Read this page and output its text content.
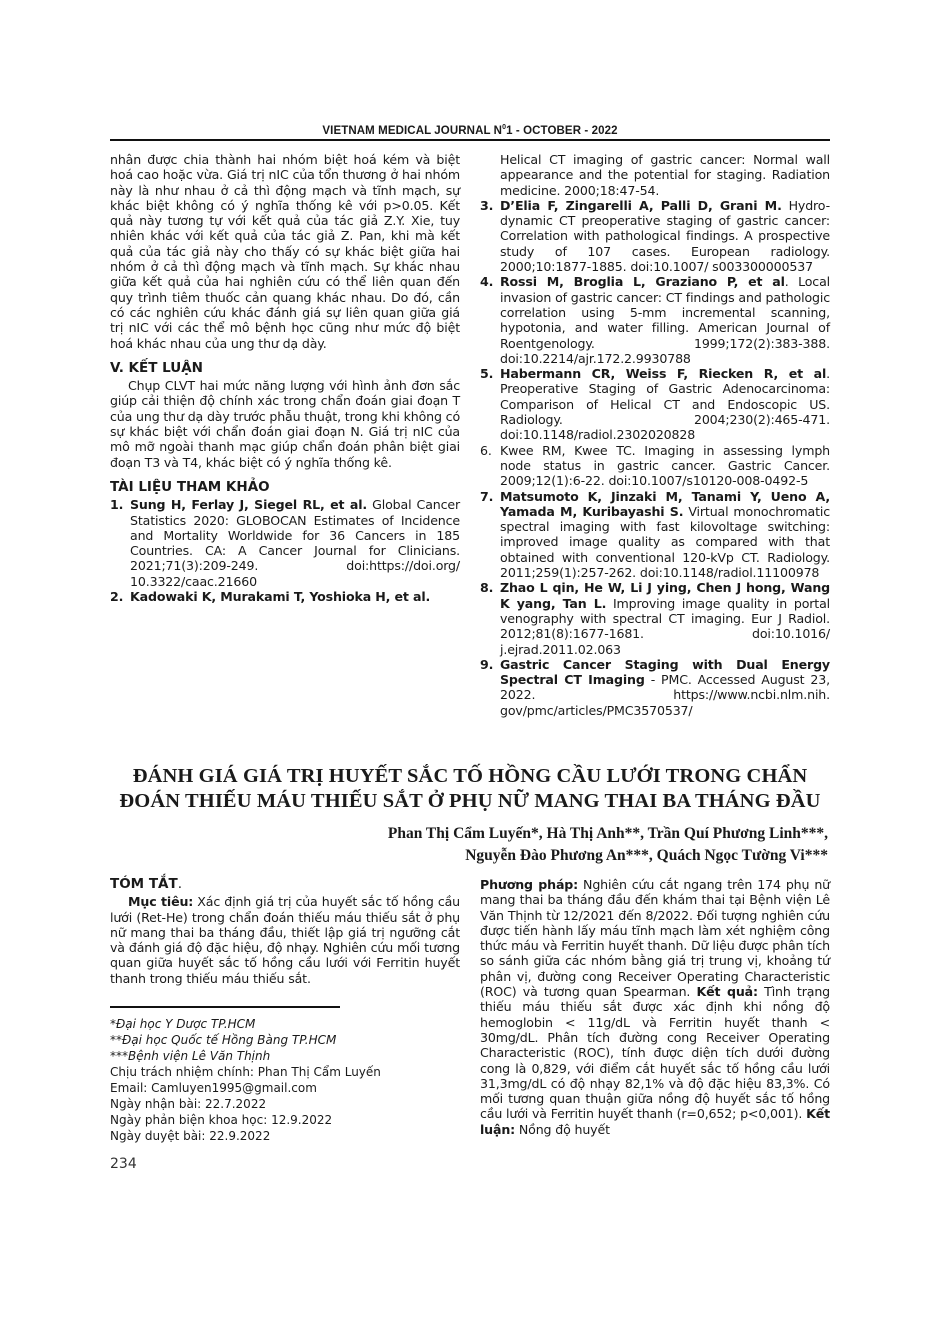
VIETNAM MEDICAL JOURNAL $N^01$ - OCTOBER - 2022

nhân được chia thành hai nhóm biệt hoá kém và biệt hoá cao hoặc vừa. Giá trị nIC của tổn thương ở hai nhóm này là như nhau ở cả thì động mạch và tĩnh mạch, sự khác biệt không có ý nghĩa thống kê với p>0.05. Kết quả này tương tự với kết quả của tác giả Z.Y. Xie, tuy nhiên khác với kết quả của tác giả Z. Pan, khi mà kết quả của tác giả này cho thấy có sự khác biệt giữa hai nhóm ở cả thì động mạch và tĩnh mạch. Sự khác nhau giữa kết quả của hai nghiên cứu có thể liên quan đến quy trình tiêm thuốc cản quang khác nhau. Do đó, cần có các nghiên cứu khác đánh giá sự liên quan giữa giá trị nIC với các thể mô bệnh học cũng như mức độ biệt hoá khác nhau của ung thư dạ dày.

V. KẾT LUẬN

Chụp CLVT hai mức năng lượng với hình ảnh đơn sắc giúp cải thiện độ chính xác trong chẩn đoán giai đoạn T của ung thư dạ dày trước phẫu thuật, trong khi không có sự khác biệt với chẩn đoán giai đoạn N. Giá trị nIC của mô mỡ ngoài thanh mạc giúp chẩn đoán phân biệt giai đoạn T3 và T4, khác biệt có ý nghĩa thống kê.

TÀI LIỆU THAM KHẢO
1. Sung H, Ferlay J, Siegel RL, et al. Global Cancer Statistics 2020: GLOBOCAN Estimates of Incidence and Mortality Worldwide for 36 Cancers in 185 Countries. CA: A Cancer Journal for Clinicians. 2021;71(3):209-249. doi:https://doi.org/ 10.3322/caac.21660
2. Kadowaki K, Murakami T, Yoshioka H, et al.
Helical CT imaging of gastric cancer: Normal wall appearance and the potential for staging. Radiation medicine. 2000;18:47-54.
3. D’Elia F, Zingarelli A, Palli D, Grani M. Hydro-dynamic CT preoperative staging of gastric cancer: Correlation with pathological findings. A prospective study of 107 cases. European radiology. 2000;10:1877-1885. doi:10.1007/ s003300000537
4. Rossi M, Broglia L, Graziano P, et al. Local invasion of gastric cancer: CT findings and pathologic correlation using 5-mm incremental scanning, hypotonia, and water filling. American Journal of Roentgenology. 1999;172(2):383-388. doi:10.2214/ajr.172.2.9930788
5. Habermann CR, Weiss F, Riecken R, et al. Preoperative Staging of Gastric Adenocarcinoma: Comparison of Helical CT and Endoscopic US. Radiology. 2004;230(2):465-471. doi:10.1148/radiol.2302020828
6. Kwee RM, Kwee TC. Imaging in assessing lymph node status in gastric cancer. Gastric Cancer. 2009;12(1):6-22. doi:10.1007/s10120-008-0492-5
7. Matsumoto K, Jinzaki M, Tanami Y, Ueno A, Yamada M, Kuribayashi S. Virtual monochromatic spectral imaging with fast kilovoltage switching: improved image quality as compared with that obtained with conventional 120-kVp CT. Radiology. 2011;259(1):257-262. doi:10.1148/radiol.11100978
8. Zhao L qin, He W, Li J ying, Chen J hong, Wang K yang, Tan L. Improving image quality in portal venography with spectral CT imaging. Eur J Radiol. 2012;81(8):1677-1681. doi:10.1016/ j.ejrad.2011.02.063
9. Gastric Cancer Staging with Dual Energy Spectral CT Imaging - PMC. Accessed August 23, 2022. https://www.ncbi.nlm.nih. gov/pmc/articles/PMC3570537/
ĐÁNH GIÁ GIÁ TRỊ HUYẾT SẮC TỐ HỒNG CẦU LƯỚI TRONG CHẨN
ĐOÁN THIẾU MÁU THIẾU SẮT Ở PHỤ NỮ MANG THAI BA THÁNG ĐẦU
Phan Thị Cẩm Luyến*, Hà Thị Anh**, Trần Quí Phương Linh***,
Nguyễn Đào Phương An***, Quách Ngọc Tường Vi***
TÓM TẮT.

Mục tiêu: Xác định giá trị của huyết sắc tố hồng cầu lưới (Ret-He) trong chẩn đoán thiếu máu thiếu sắt ở phụ nữ mang thai ba tháng đầu, thiết lập giá trị ngưỡng cắt và đánh giá độ đặc hiệu, độ nhạy. Nghiên cứu mối tương quan giữa huyết sắc tố hồng cầu lưới với Ferritin huyết thanh trong thiếu máu thiếu sắt.

*Đại học Y Dược TP.HCM
**Đại học Quốc tế Hồng Bàng TP.HCM
***Bệnh viện Lê Văn Thịnh
Chịu trách nhiệm chính: Phan Thị Cẩm Luyến
Email: Camluyen1995@gmail.com
Ngày nhận bài: 22.7.2022
Ngày phản biện khoa học: 12.9.2022
Ngày duyệt bài: 22.9.2022
234

Phương pháp: Nghiên cứu cắt ngang trên 174 phụ nữ mang thai ba tháng đầu đến khám thai tại Bệnh viện Lê Văn Thịnh từ 12/2021 đến 8/2022. Đối tượng nghiên cứu được tiến hành lấy máu tĩnh mạch làm xét nghiệm công thức máu và Ferritin huyết thanh. Dữ liệu được phân tích so sánh giữa các nhóm bằng giá trị trung vị, khoảng tứ phân vị, đường cong Receiver Operating Characteristic (ROC) và tương quan Spearman. Kết quả: Tình trạng thiếu máu thiếu sắt được xác định khi nồng độ hemoglobin < 11g/dL và Ferritin huyết thanh < 30mg/dL. Phân tích đường cong Receiver Operating Characteristic (ROC), tính được diện tích dưới đường cong là 0,829, với điểm cắt huyết sắc tố hồng cầu lưới 31,3mg/dL có độ nhạy 82,1% và độ đặc hiệu 83,3%. Có mối tương quan thuận giữa nồng độ huyết sắc tố hồng cầu lưới và Ferritin huyết thanh (r=0,652; p<0,001). Kết luận: Nồng độ huyết
